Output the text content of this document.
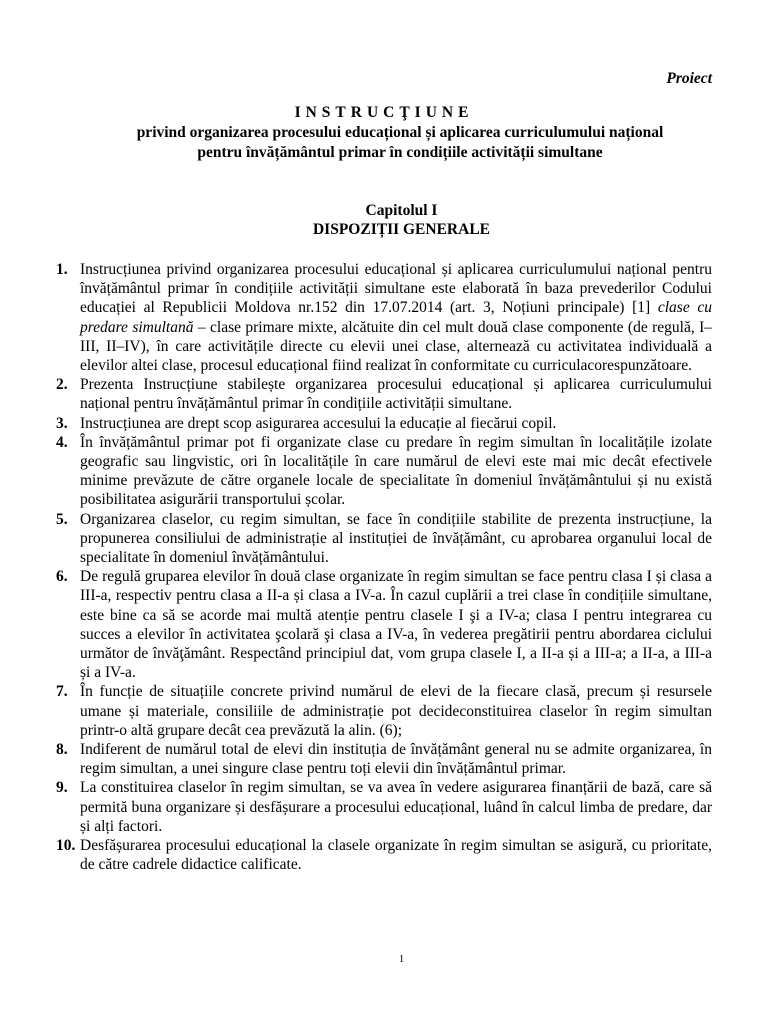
Proiect
INSTRUCŢIUNE
privind organizarea procesului educațional și aplicarea curriculumului național
pentru învățământul primar în condițiile activității simultane
Capitolul I
DISPOZIȚII GENERALE
1. Instrucțiunea privind organizarea procesului educațional și aplicarea curriculumului național pentru învățământul primar în condițiile activității simultane este elaborată în baza prevederilor Codului educației al Republicii Moldova nr.152 din 17.07.2014 (art. 3, Noțiuni principale) [1] clase cu predare simultană – clase primare mixte, alcătuite din cel mult două clase componente (de regulă, I–III, II–IV), în care activitățile directe cu elevii unei clase, alternează cu activitatea individuală a elevilor altei clase, procesul educațional fiind realizat în conformitate cu curriculacorespunzătoare.
2. Prezenta Instrucțiune stabilește organizarea procesului educațional și aplicarea curriculumului național pentru învățământul primar în condițiile activității simultane.
3. Instrucțiunea are drept scop asigurarea accesului la educație al fiecărui copil.
4. În învățământul primar pot fi organizate clase cu predare în regim simultan în localitățile izolate geografic sau lingvistic, ori în localitățile în care numărul de elevi este mai mic decât efectivele minime prevăzute de către organele locale de specialitate în domeniul învățământului și nu există posibilitatea asigurării transportului școlar.
5. Organizarea claselor, cu regim simultan, se face în condițiile stabilite de prezenta instrucțiune, la propunerea consiliului de administrație al instituției de învățământ, cu aprobarea organului local de specialitate în domeniul învățământului.
6. De regulă gruparea elevilor în două clase organizate în regim simultan se face pentru clasa I și clasa a III-a, respectiv pentru clasa a II-a și clasa a IV-a. În cazul cuplării a trei clase în condițiile simultane, este bine ca să se acorde mai multă atenție pentru clasele I şi a IV-a; clasa I pentru integrarea cu succes a elevilor în activitatea şcolară şi clasa a IV-a, în vederea pregătirii pentru abordarea ciclului următor de învăţământ. Respectând principiul dat, vom grupa clasele I, a II-a și a III-a; a II-a, a III-a și a IV-a.
7. În funcție de situațiile concrete privind numărul de elevi de la fiecare clasă, precum și resursele umane și materiale, consiliile de administrație pot decideconstituirea claselor în regim simultan printr-o altă grupare decât cea prevăzută la alin. (6);
8. Indiferent de numărul total de elevi din instituția de învățământ general nu se admite organizarea, în regim simultan, a unei singure clase pentru toți elevii din învățământul primar.
9. La constituirea claselor în regim simultan, se va avea în vedere asigurarea finanțării de bază, care să permită buna organizare și desfășurare a procesului educațional, luând în calcul limba de predare, dar și alți factori.
10. Desfășurarea procesului educațional la clasele organizate în regim simultan se asigură, cu prioritate, de către cadrele didactice calificate.
1
